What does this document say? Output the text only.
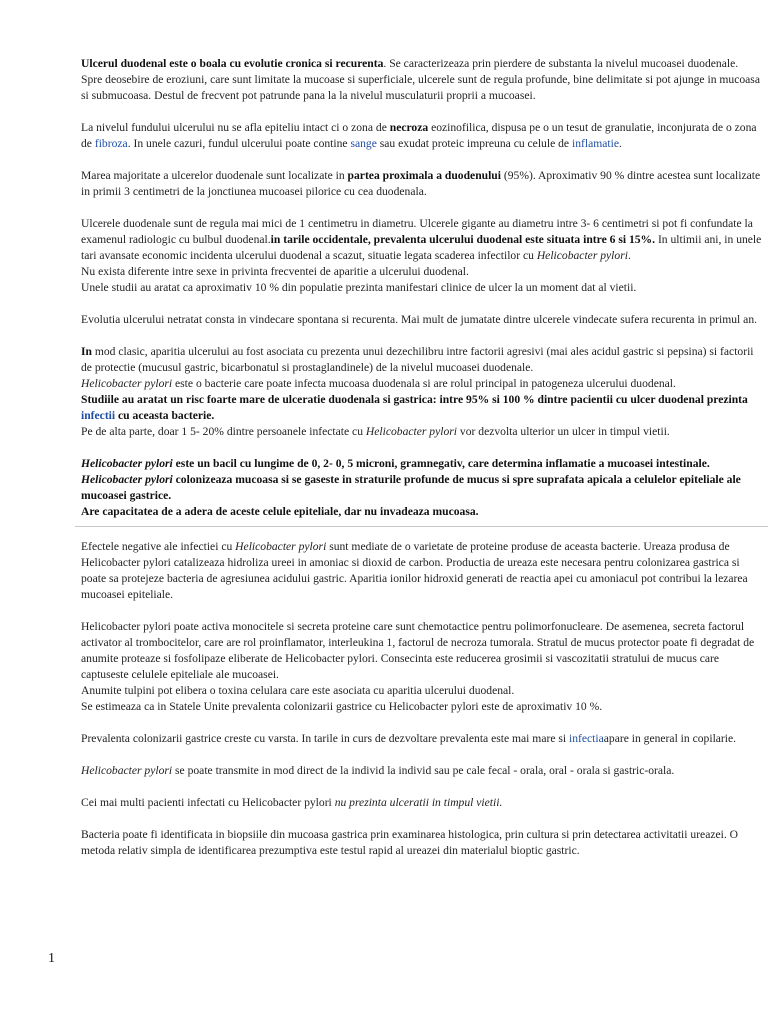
Ulcerul duodenal este o boala cu evolutie cronica si recurenta. Se caracterizeaza prin pierdere de substanta la nivelul mucoasei duodenale.
Spre deosebire de eroziuni, care sunt limitate la mucoase si superficiale, ulcerele sunt de regula profunde, bine delimitate si pot ajunge in mucoasa si submucoasa. Destul de frecvent pot patrunde pana la la nivelul musculaturii proprii a mucoasei.

La nivelul fundului ulcerului nu se afla epiteliu intact ci o zona de necroza eozinofilica, dispusa pe o un tesut de granulatie, inconjurata de o zona de fibroza. In unele cazuri, fundul ulcerului poate contine sange sau exudat proteic impreuna cu celule de inflamatie.

Marea majoritate a ulcerelor duodenale sunt localizate in partea proximala a duodenului (95%). Aproximativ 90 % dintre acestea sunt localizate in primii 3 centimetri de la jonctiunea mucoasei pilorice cu cea duodenala.

Ulcerele duodenale sunt de regula mai mici de 1 centimetru in diametru. Ulcerele gigante au diametru intre 3- 6 centimetri si pot fi confundate la examenul radiologic cu bulbul duodenal.in tarile occidentale, prevalenta ulcerului duodenal este situata intre 6 si 15%. In ultimii ani, in unele tari avansate economic incidenta ulcerului duodenal a scazut, situatie legata scaderea infectilor cu Helicobacter pylori.
Nu exista diferente intre sexe in privinta frecventei de aparitie a ulcerului duodenal.
Unele studii au aratat ca aproximativ 10 % din populatie prezinta manifestari clinice de ulcer la un moment dat al vietii.

Evolutia ulcerului netratat consta in vindecare spontana si recurenta. Mai mult de jumatate dintre ulcerele vindecate sufera recurenta in primul an.

In mod clasic, aparitia ulcerului au fost asociata cu prezenta unui dezechilibru intre factorii agresivi (mai ales acidul gastric si pepsina) si factorii de protectie (mucusul gastric, bicarbonatul si prostaglandinele) de la nivelul mucoasei duodenale.
Helicobacter pylori este o bacterie care poate infecta mucoasa duodenala si are rolul principal in patogeneza ulcerului duodenal.
Studiile au aratat un risc foarte mare de ulceratie duodenala si gastrica: intre 95% si 100 % dintre pacientii cu ulcer duodenal prezinta infectii cu aceasta bacterie.
Pe de alta parte, doar 1 5- 20% dintre persoanele infectate cu Helicobacter pylori vor dezvolta ulterior un ulcer in timpul vietii.

Helicobacter pylori este un bacil cu lungime de 0, 2- 0, 5 microni, gramnegativ, care determina inflamatie a mucoasei intestinale.
Helicobacter pylori colonizeaza mucoasa si se gaseste in straturile profunde de mucus si spre suprafata apicala a celulelor epiteliale ale mucoasei gastrice.
Are capacitatea de a adera de aceste celule epiteliale, dar nu invadeaza mucoasa.

Efectele negative ale infectiei cu Helicobacter pylori sunt mediate de o varietate de proteine produse de aceasta bacterie. Ureaza produsa de Helicobacter pylori catalizeaza hidroliza ureei in amoniac si dioxid de carbon. Productia de ureaza este necesara pentru colonizarea gastrica si poate sa protejeze bacteria de agresiunea acidului gastric. Aparitia ionilor hidroxid generati de reactia apei cu amoniacul pot contribui la lezarea mucoasei epiteliale.

Helicobacter pylori poate activa monocitele si secreta proteine care sunt chemotactice pentru polimorfonucleare. De asemenea, secreta factorul activator al trombocitelor, care are rol proinflamator, interleukina 1, factorul de necroza tumorala. Stratul de mucus protector poate fi degradat de anumite proteaze si fosfolipaze eliberate de Helicobacter pylori. Consecinta este reducerea grosimii si vascozitatii stratului de mucus care captuseste celulele epiteliale ale mucoasei.
Anumite tulpini pot elibera o toxina celulara care este asociata cu aparitia ulcerului duodenal.
Se estimeaza ca in Statele Unite prevalenta colonizarii gastrice cu Helicobacter pylori este de aproximativ 10 %.

Prevalenta colonizarii gastrice creste cu varsta. In tarile in curs de dezvoltare prevalenta este mai mare si infectiaapare in general in copilarie.

Helicobacter pylori se poate transmite in mod direct de la individ la individ sau pe cale fecal - orala, oral - orala si gastric-orala.

Cei mai multi pacienti infectati cu Helicobacter pylori nu prezinta ulceratii in timpul vietii.

Bacteria poate fi identificata in biopsiile din mucoasa gastrica prin examinarea histologica, prin cultura si prin detectarea activitatii ureazei. O metoda relativ simpla de identificarea prezumptiva este testul rapid al ureazei din materialul bioptic gastric.

1
